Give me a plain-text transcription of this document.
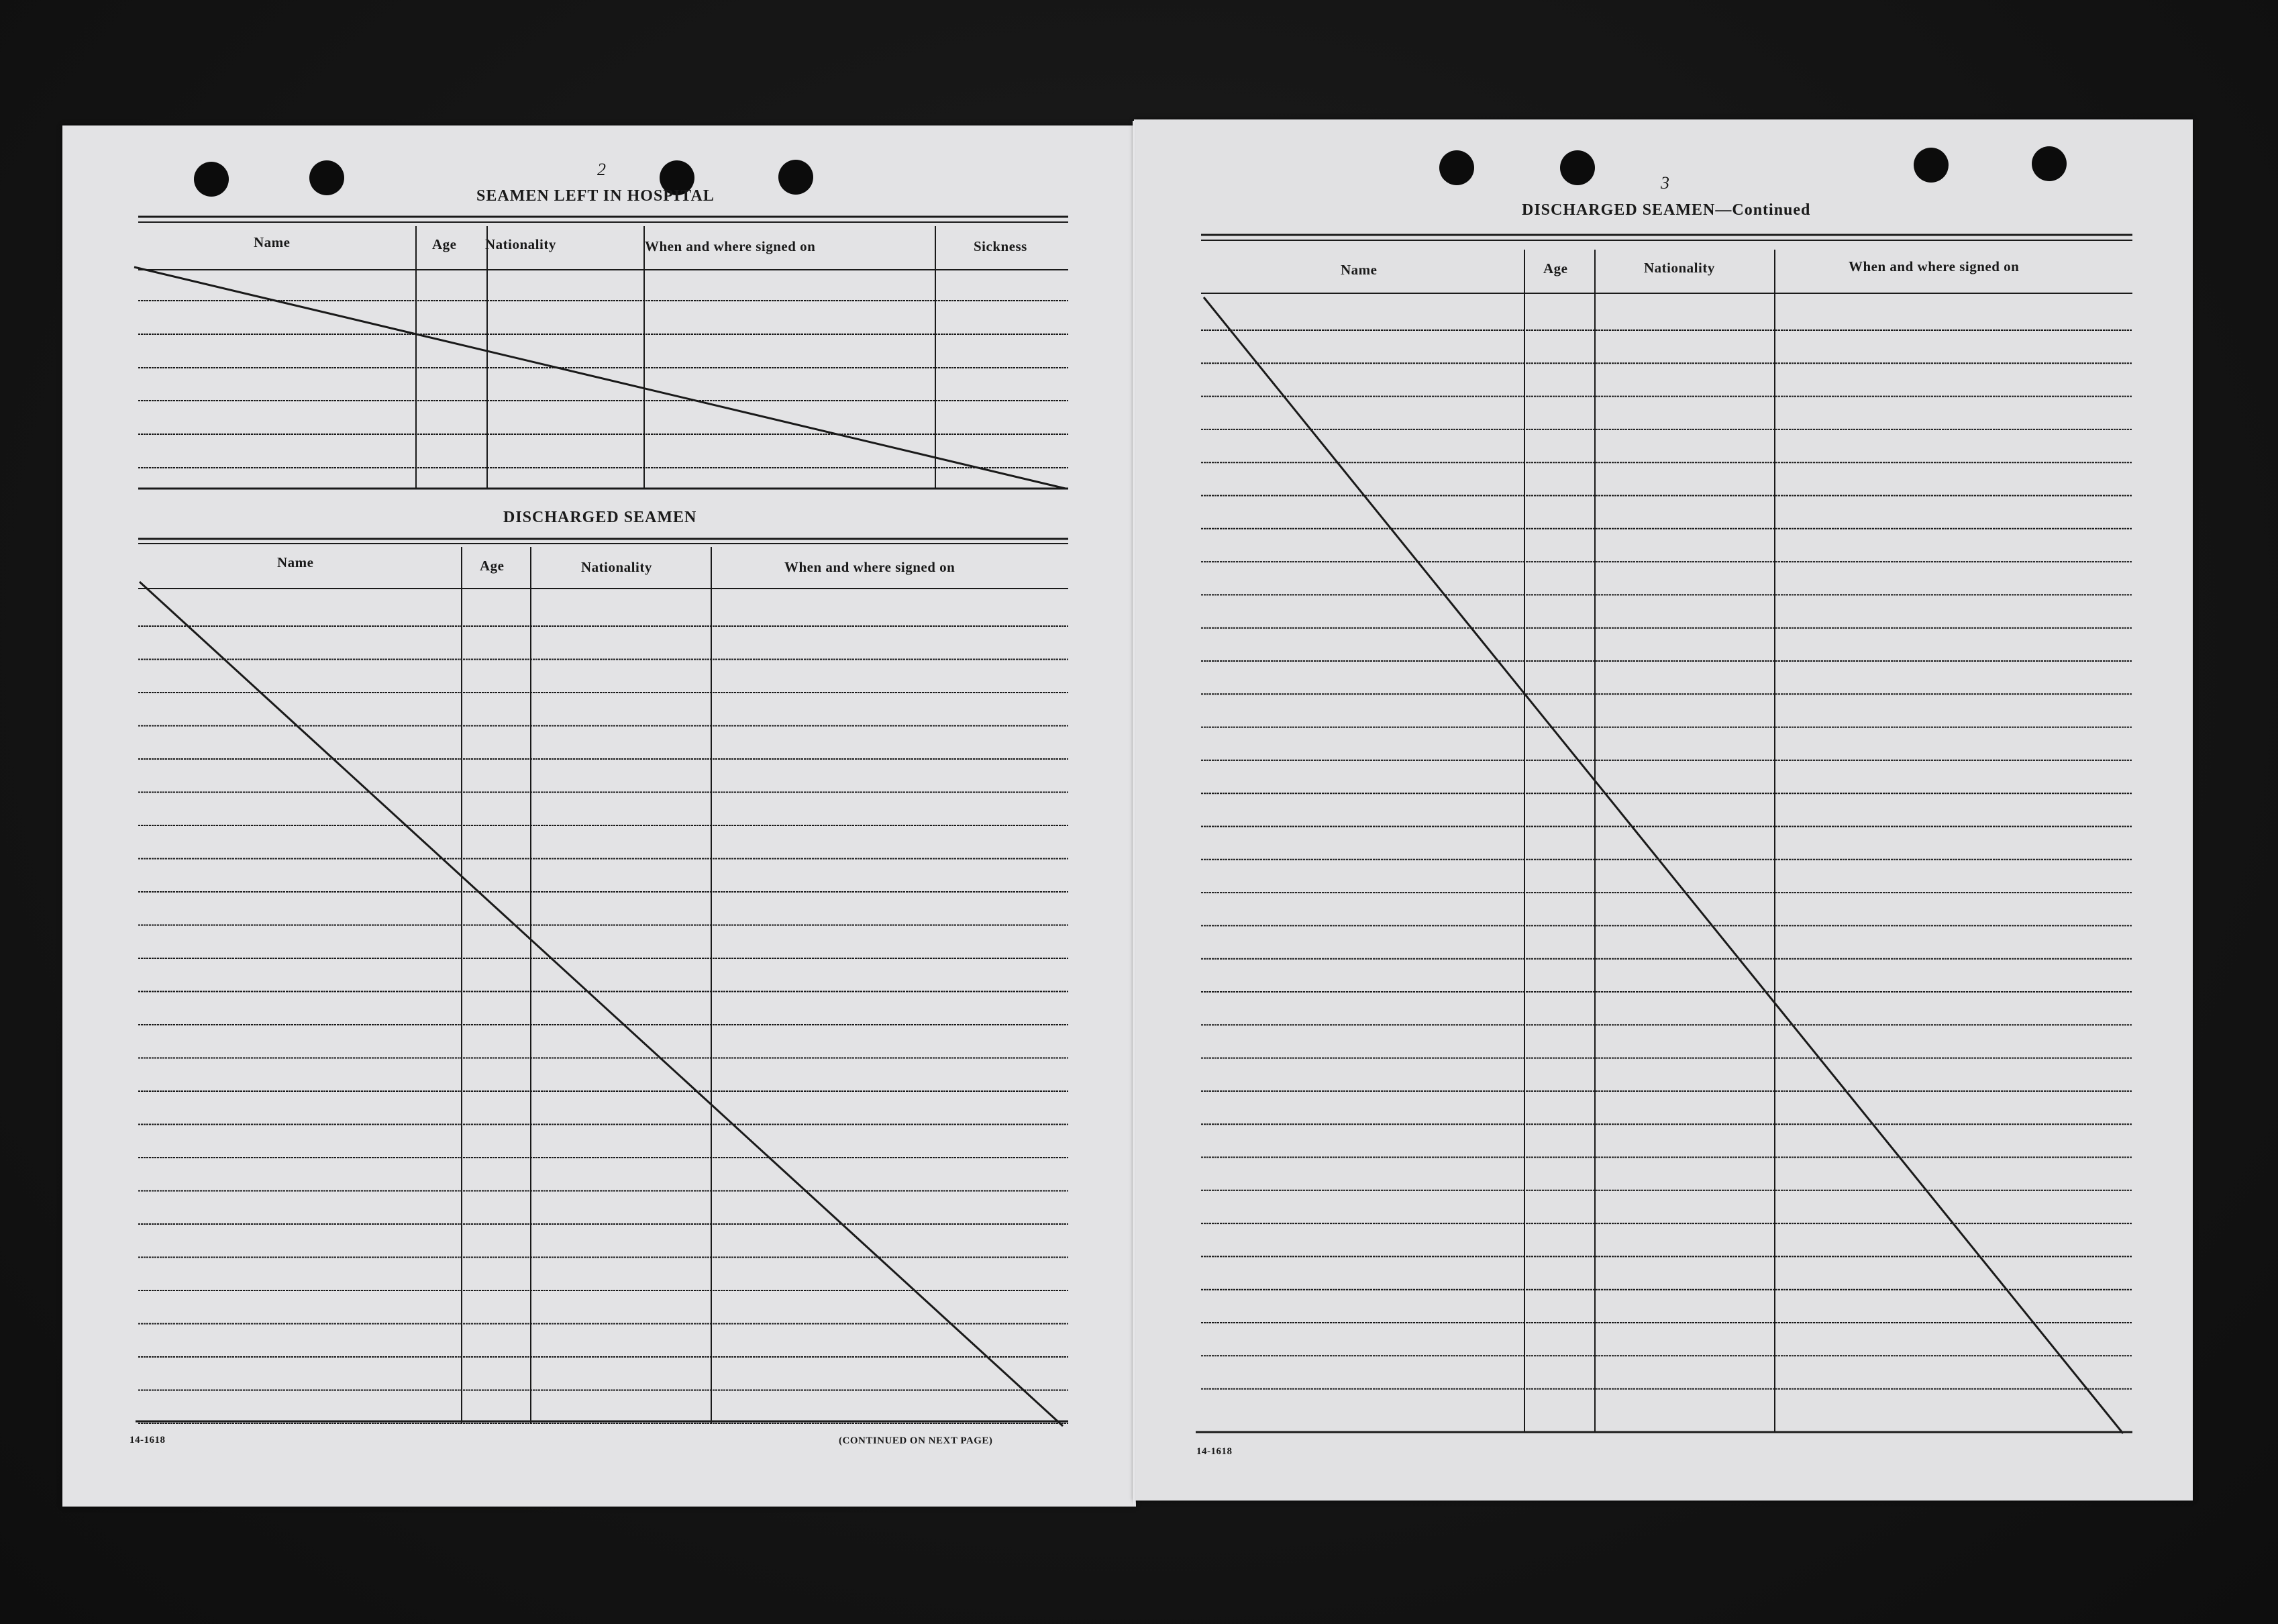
2
SEAMEN LEFT IN HOSPITAL
Name	Age Nationality	When and where signed on	Sickness
DISCHARGED SEAMEN
Name	Age	Nationality	When and where signed on
14-1618	(CONTINUED ON NEXT PAGE)
3
DISCHARGED SEAMEN—Continued
Name	Age	Nationality	When and where signed on
14-1618
